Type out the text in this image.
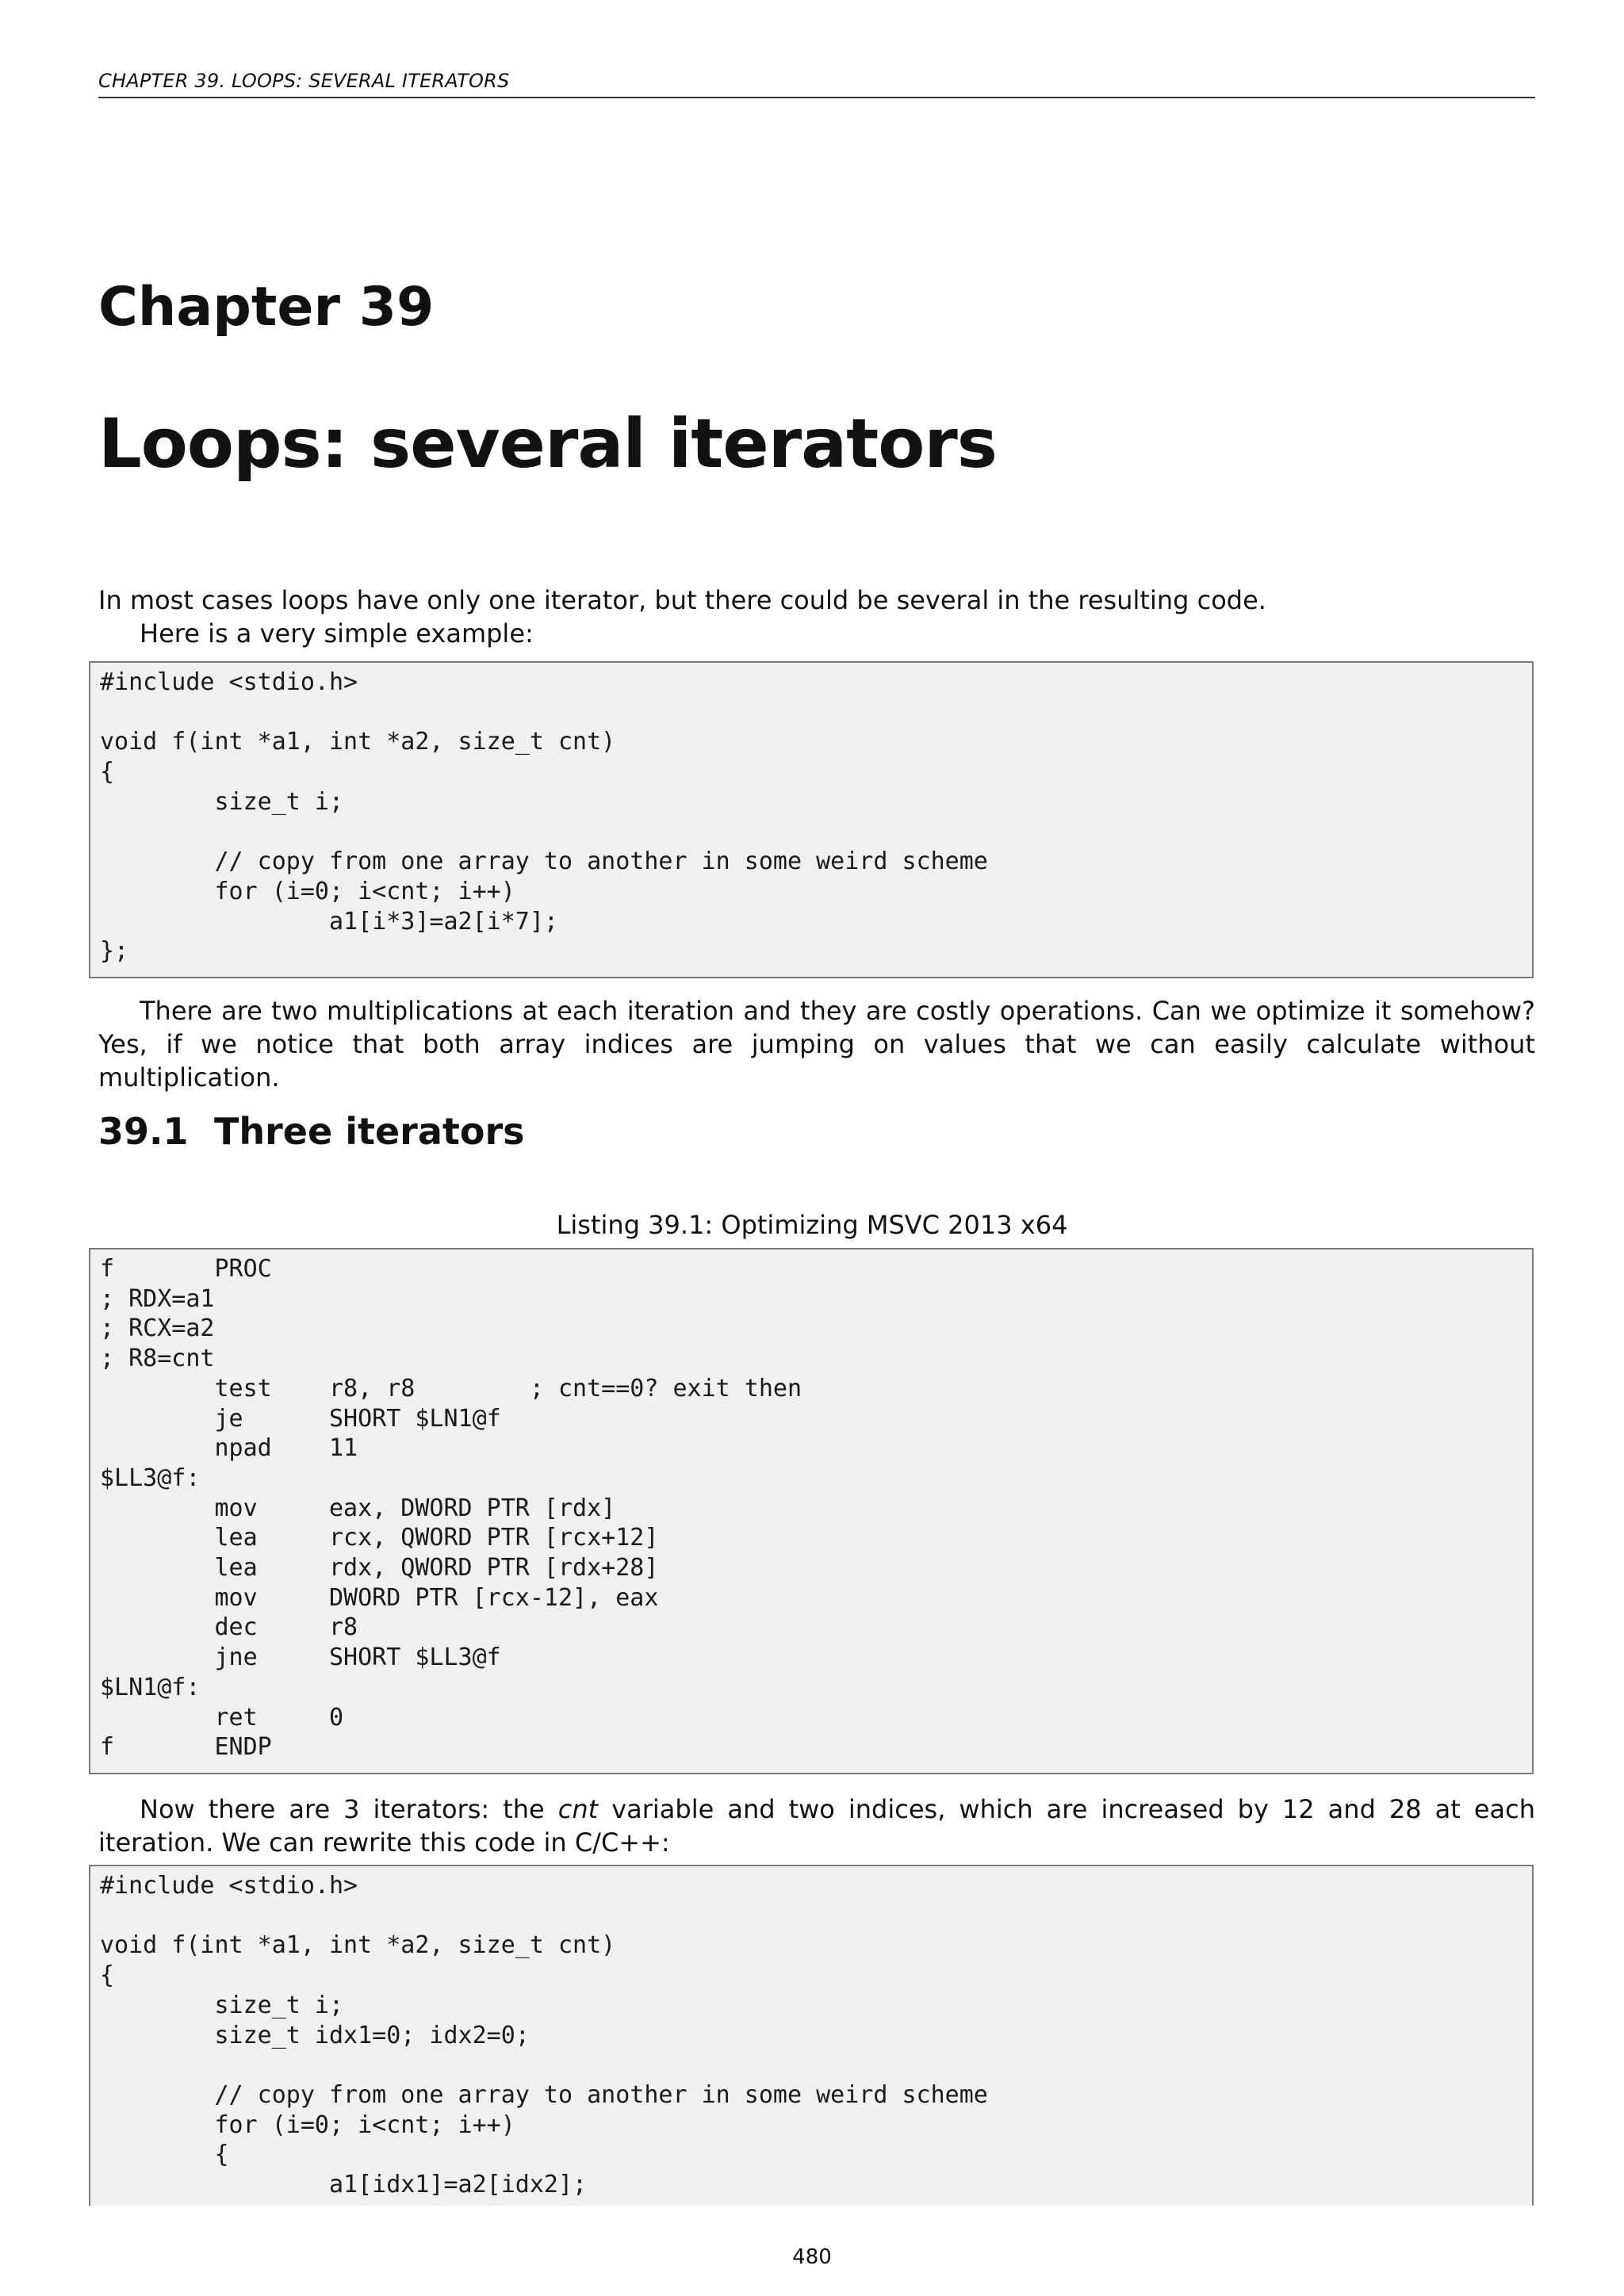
CHAPTER 39. LOOPS: SEVERAL ITERATORS
Chapter 39
Loops: several iterators
In most cases loops have only one iterator, but there could be several in the resulting code.
Here is a very simple example:
#include <stdio.h>

void f(int *a1, int *a2, size_t cnt)
{
size_t i;

// copy from one array to another in some weird scheme
for (i=0; i<cnt; i++)
a1[i*3]=a2[i*7];
};
There are two multiplications at each iteration and they are costly operations. Can we optimize it somehow? Yes, if we notice that both array indices are jumping on values that we can easily calculate without multiplication.
39.1 Three iterators
Listing 39.1: Optimizing MSVC 2013 x64
f       PROC
; RDX=a1
; RCX=a2
; R8=cnt
test    r8, r8        ; cnt==0? exit then
je      SHORT $LN1@f
npad    11
$LL3@f:
mov     eax, DWORD PTR [rdx]
lea     rcx, QWORD PTR [rcx+12]
lea     rdx, QWORD PTR [rdx+28]
mov     DWORD PTR [rcx-12], eax
dec     r8
jne     SHORT $LL3@f
$LN1@f:
ret     0
f       ENDP
Now there are 3 iterators: the cnt variable and two indices, which are increased by 12 and 28 at each iteration. We can rewrite this code in C/C++:
#include <stdio.h>

void f(int *a1, int *a2, size_t cnt)
{
size_t i;
size_t idx1=0; idx2=0;

// copy from one array to another in some weird scheme
for (i=0; i<cnt; i++)
{
a1[idx1]=a2[idx2];
480
